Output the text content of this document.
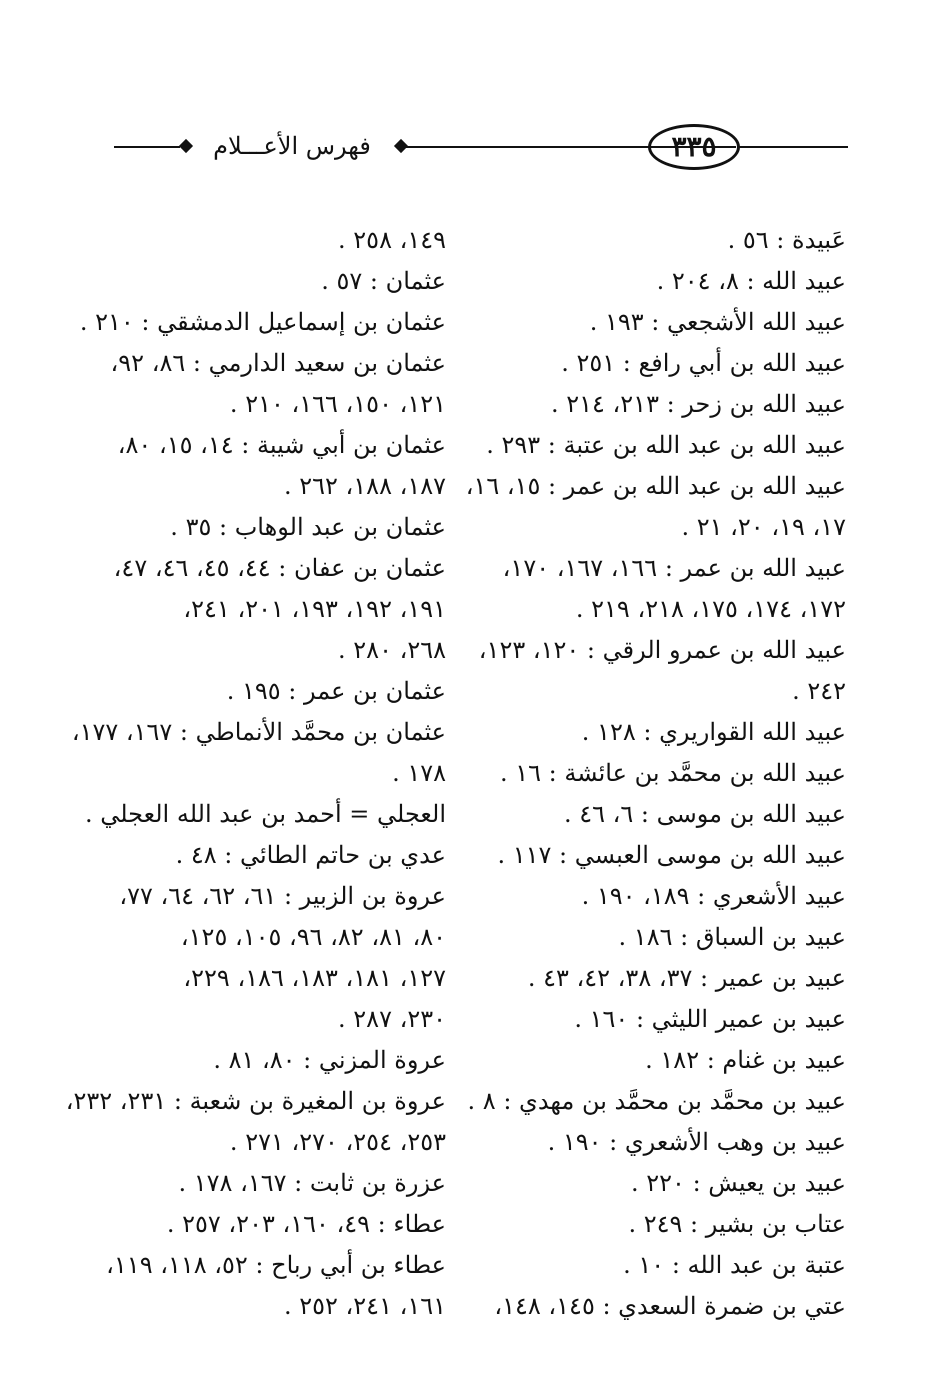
فهرس الأعـــلام	٣٣٥
عَبيدة : ٥٦ .
عبيد الله : ٨، ٢٠٤ .
عبيد الله الأشجعي : ١٩٣ .
عبيد الله بن أبي رافع : ٢٥١ .
عبيد الله بن زحر : ٢١٣، ٢١٤ .
عبيد الله بن عبد الله بن عتبة : ٢٩٣ .
عبيد الله بن عبد الله بن عمر : ١٥، ١٦،
١٧، ١٩، ٢٠، ٢١ .
عبيد الله بن عمر : ١٦٦، ١٦٧، ١٧٠،
١٧٢، ١٧٤، ١٧٥، ٢١٨، ٢١٩ .
عبيد الله بن عمرو الرقي : ١٢٠، ١٢٣،
٢٤٢ .
عبيد الله القواريري : ١٢٨ .
عبيد الله بن محمَّد بن عائشة : ١٦ .
عبيد الله بن موسى : ٦، ٤٦ .
عبيد الله بن موسى العبسي : ١١٧ .
عبيد الأشعري : ١٨٩، ١٩٠ .
عبيد بن السباق : ١٨٦ .
عبيد بن عمير : ٣٧، ٣٨، ٤٢، ٤٣ .
عبيد بن عمير الليثي : ١٦٠ .
عبيد بن غنام : ١٨٢ .
عبيد بن محمَّد بن محمَّد بن مهدي : ٨ .
عبيد بن وهب الأشعري : ١٩٠ .
عبيد بن يعيش : ٢٢٠ .
عتاب بن بشير : ٢٤٩ .
عتبة بن عبد الله : ١٠ .
عتي بن ضمرة السعدي : ١٤٥، ١٤٨،
١٤٩، ٢٥٨ .
عثمان : ٥٧ .
عثمان بن إسماعيل الدمشقي : ٢١٠ .
عثمان بن سعيد الدارمي : ٨٦، ٩٢،
١٢١، ١٥٠، ١٦٦، ٢١٠ .
عثمان بن أبي شيبة : ١٤، ١٥، ٨٠،
١٨٧، ١٨٨، ٢٦٢ .
عثمان بن عبد الوهاب : ٣٥ .
عثمان بن عفان : ٤٤، ٤٥، ٤٦، ٤٧،
١٩١، ١٩٢، ١٩٣، ٢٠١، ٢٤١،
٢٦٨، ٢٨٠ .
عثمان بن عمر : ١٩٥ .
عثمان بن محمَّد الأنماطي : ١٦٧، ١٧٧،
١٧٨ .
العجلي = أحمد بن عبد الله العجلي .
عدي بن حاتم الطائي : ٤٨ .
عروة بن الزبير : ٦١، ٦٢، ٦٤، ٧٧،
٨٠، ٨١، ٨٢، ٩٦، ١٠٥، ١٢٥،
١٢٧، ١٨١، ١٨٣، ١٨٦، ٢٢٩،
٢٣٠، ٢٨٧ .
عروة المزني : ٨٠، ٨١ .
عروة بن المغيرة بن شعبة : ٢٣١، ٢٣٢،
٢٥٣، ٢٥٤، ٢٧٠، ٢٧١ .
عزرة بن ثابت : ١٦٧، ١٧٨ .
عطاء : ٤٩، ١٦٠، ٢٠٣، ٢٥٧ .
عطاء بن أبي رباح : ٥٢، ١١٨، ١١٩،
١٦١، ٢٤١، ٢٥٢ .
